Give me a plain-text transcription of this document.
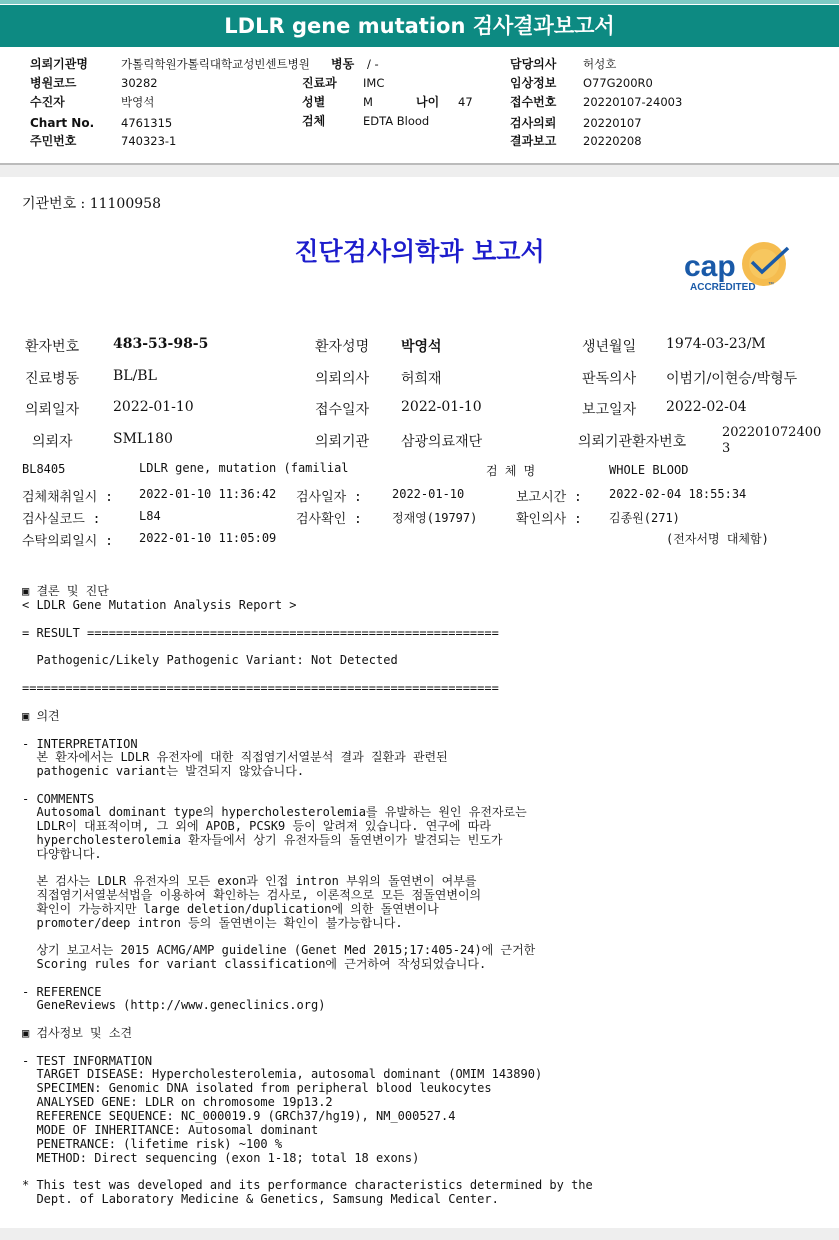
LDLR gene mutation 검사결과보고서
의뢰기관명	가톨릭학원가톨릭대학교성빈센트병원 병동 / -	담당의사 허성호
병원코드	30282	진료과 IMC	임상정보 O77G200R0
수진자	박영석	성별	M	나이 47	접수번호 20220107-24003
Chart No. 4761315	검체	EDTA Blood	검사의뢰 20220107
주민번호	740323-1	결과보고 20220208
기관번호 : 11100958
진단검사의학과 보고서	cap
ACCREDITED ™
환자번호 483-53-98-5	환자성명 박영석	생년월일 1974-03-23/M
진료병동 BL/BL	의뢰의사 허희재	판독의사 이범기/이현승/박형두
의뢰일자 2022-01-10	접수일자 2022-01-10	보고일자 2022-02-04
의뢰자	SML180	의뢰기관 삼광의료재단	의뢰기관환자번호
202201072400
3
BL8405	LDLR gene, mutation (familial	검 체 명	WHOLE BLOOD
검체채취일시 : 2022-01-10 11:36:42 검사일자 :	2022-01-10	보고시간 : 2022-02-04 18:55:34
검사실코드 :	L84	검사확인 :	정재영(19797)	확인의사 : 김종원(271)
수탁의뢰일시 : 2022-01-10 11:05:09	(전자서명 대체함)
▣ 결론 및 진단
< LDLR Gene Mutation Analysis Report >
= RESULT =========================================================
Pathogenic/Likely Pathogenic Variant: Not Detected
==================================================================
▣ 의견
- INTERPRETATION
본 환자에서는 LDLR 유전자에 대한 직접염기서열분석 결과 질환과 관련된
pathogenic variant는 발견되지 않았습니다.
- COMMENTS
Autosomal dominant type의 hypercholesterolemia를 유발하는 원인 유전자로는
LDLR이 대표적이며, 그 외에 APOB, PCSK9 등이 알려져 있습니다. 연구에 따라
hypercholesterolemia 환자들에서 상기 유전자들의 돌연변이가 발견되는 빈도가
다양합니다.
본 검사는 LDLR 유전자의 모든 exon과 인접 intron 부위의 돌연변이 여부를
직접염기서열분석법을 이용하여 확인하는 검사로, 이론적으로 모든 점돌연변이의
확인이 가능하지만 large deletion/duplication에 의한 돌연변이나
promoter/deep intron 등의 돌연변이는 확인이 불가능합니다.
상기 보고서는 2015 ACMG/AMP guideline (Genet Med 2015;17:405-24)에 근거한
Scoring rules for variant classification에 근거하여 작성되었습니다.
- REFERENCE
GeneReviews (http://www.geneclinics.org)
▣ 검사정보 및 소견
- TEST INFORMATION
TARGET DISEASE: Hypercholesterolemia, autosomal dominant (OMIM 143890)
SPECIMEN: Genomic DNA isolated from peripheral blood leukocytes
ANALYSED GENE: LDLR on chromosome 19p13.2
REFERENCE SEQUENCE: NC_000019.9 (GRCh37/hg19), NM_000527.4
MODE OF INHERITANCE: Autosomal dominant
PENETRANCE: (lifetime risk) ~100 %
METHOD: Direct sequencing (exon 1-18; total 18 exons)
* This test was developed and its performance characteristics determined by the
Dept. of Laboratory Medicine & Genetics, Samsung Medical Center.
